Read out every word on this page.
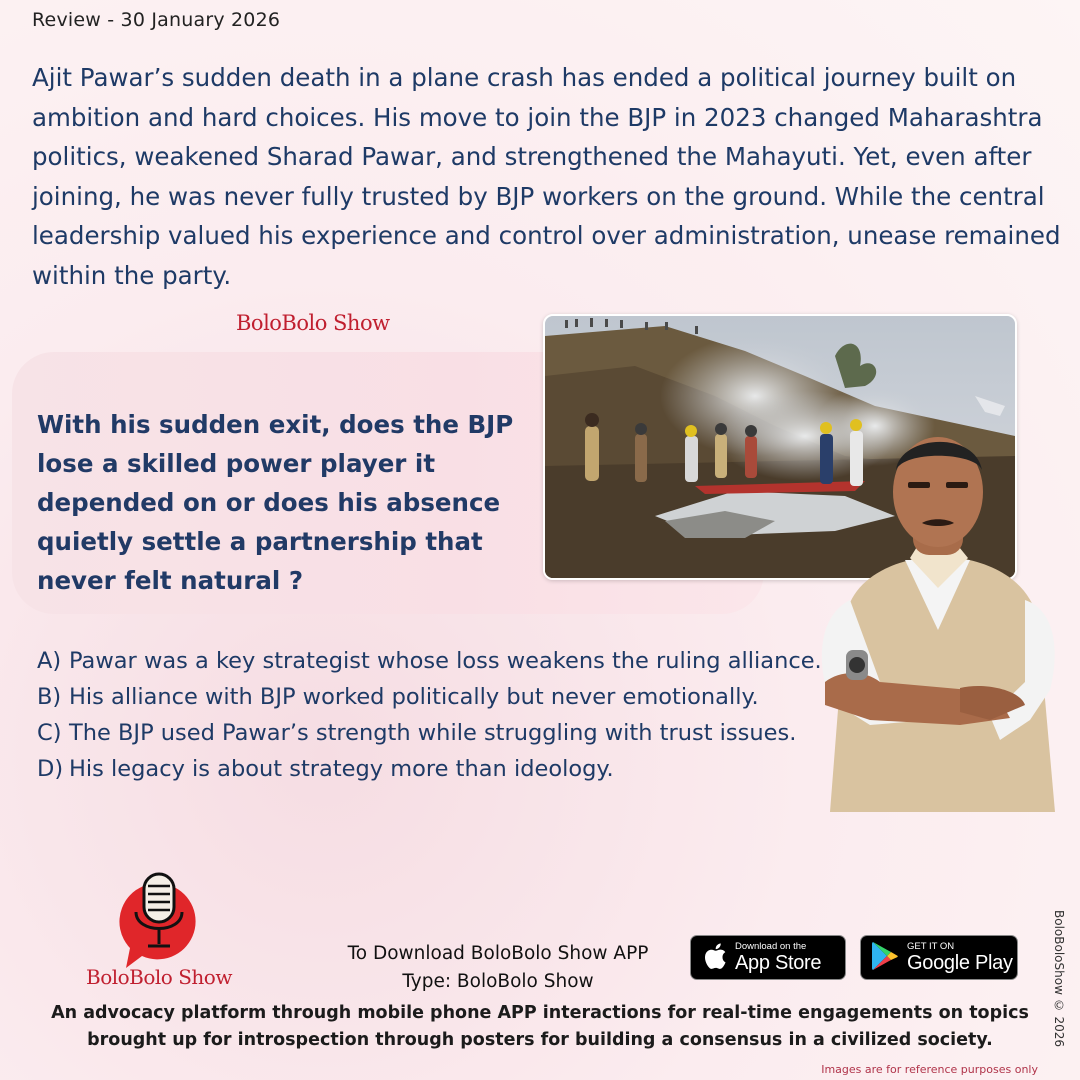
Review - 30 January 2026
Ajit Pawar’s sudden death in a plane crash has ended a political journey built on ambition and hard choices. His move to join the BJP in 2023 changed Maharashtra politics, weakened Sharad Pawar, and strengthened the Mahayuti. Yet, even after joining, he was never fully trusted by BJP workers on the ground. While the central leadership valued his experience and control over administration, unease remained within the party.
BoloBolo Show
With his sudden exit, does the BJP lose a skilled power player it depended on or does his absence quietly settle a partnership that never felt natural ?
A) Pawar was a key strategist whose loss weakens the ruling alliance.
B) His alliance with BJP worked politically but never emotionally.
C) The BJP used Pawar’s strength while struggling with trust issues.
D) His legacy is about strategy more than ideology.
BoloBolo Show
To Download BoloBolo Show APP
Type: BoloBolo Show
Download on the
App Store
GET IT ON
Google Play
An advocacy platform through mobile phone APP interactions for real-time engagements on topics brought up for introspection through posters for building a consensus in a civilized society.	BoloBoloShow © 2026
Images are for reference purposes only
